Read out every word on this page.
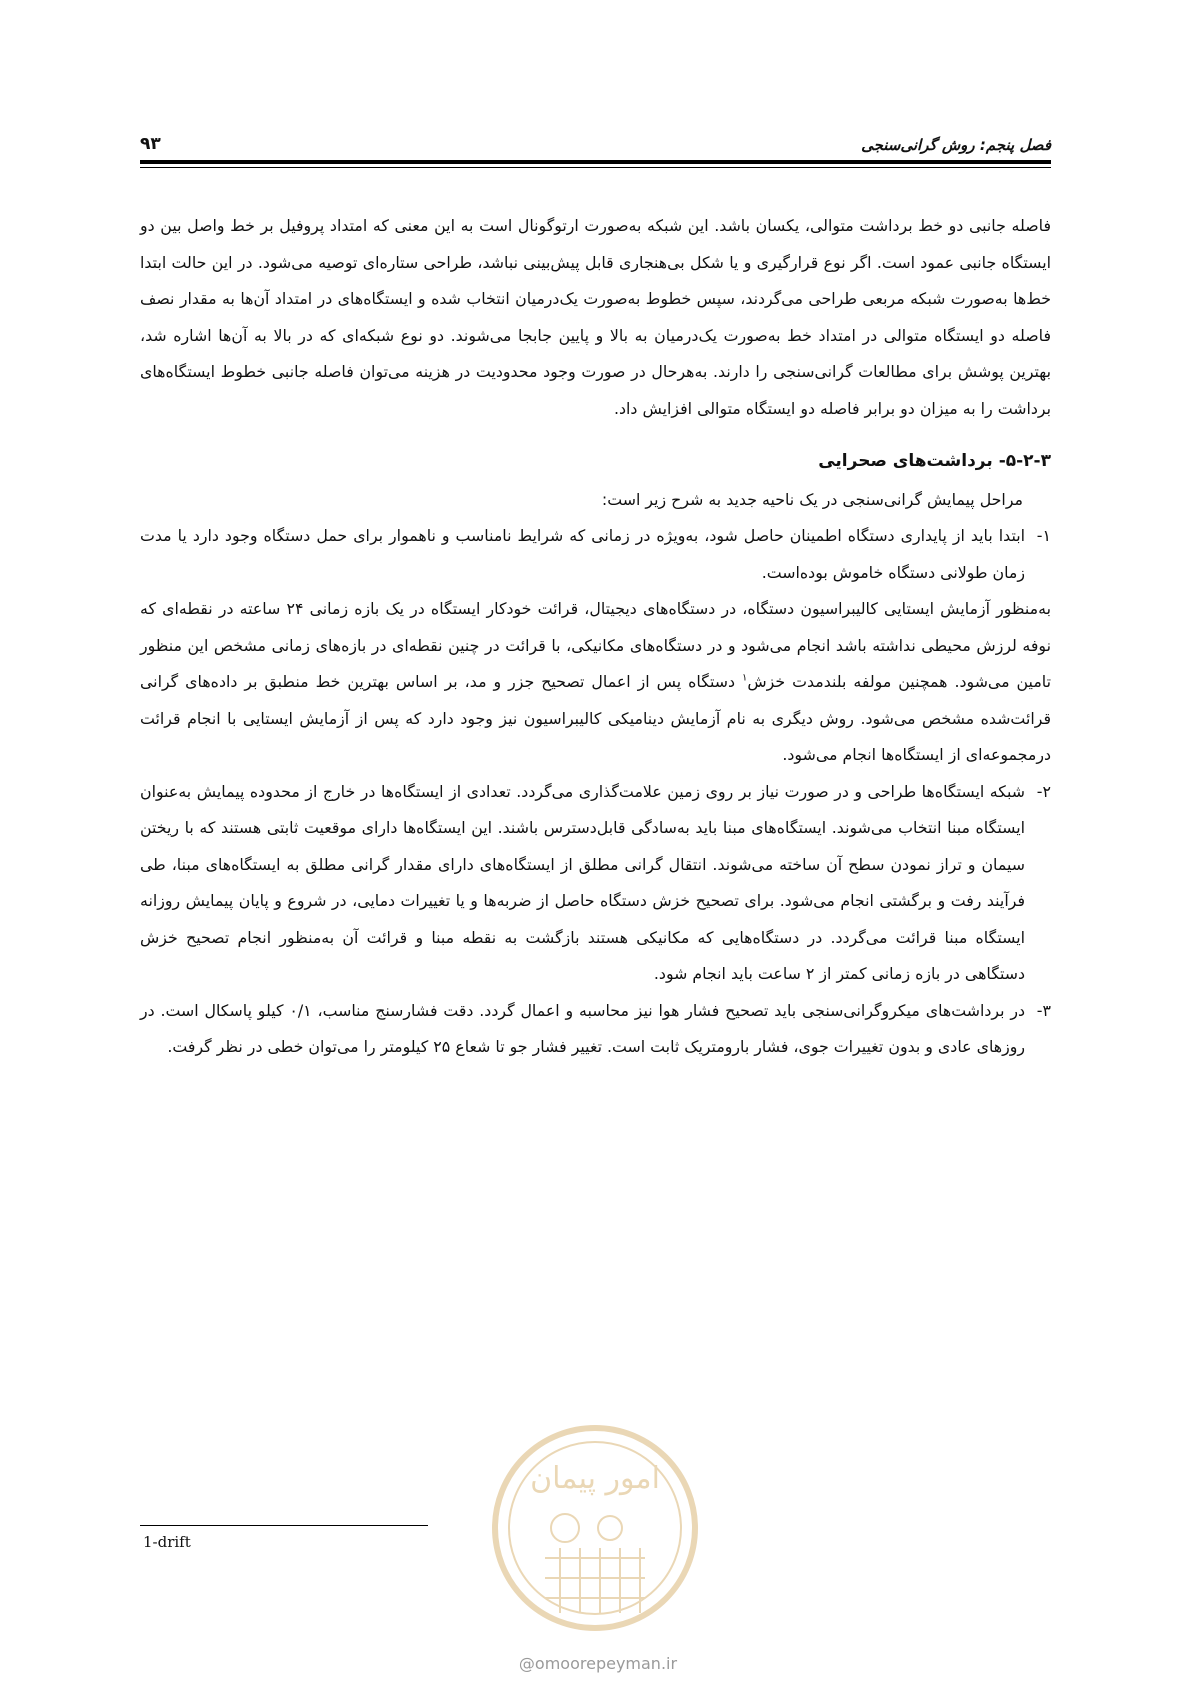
۹۳	فصل پنجم: روش گرانی‌سنجی

فاصله جانبی دو خط برداشت متوالی، یکسان باشد. این شبکه به‌صورت ارتوگونال است به این معنی که امتداد پروفیل بر خط واصل بین دو ایستگاه جانبی عمود است. اگر نوع قرارگیری و یا شکل بی‌هنجاری قابل پیش‌بینی نباشد، طراحی ستاره‌ای توصیه می‌شود. در این حالت ابتدا خط‌ها به‌صورت شبکه مربعی طراحی می‌گردند، سپس خطوط به‌صورت یک‌درمیان انتخاب شده و ایستگاه‌های در امتداد آن‌ها به مقدار نصف فاصله دو ایستگاه متوالی در امتداد خط به‌صورت یک‌درمیان به بالا و پایین جابجا می‌شوند. دو نوع شبکه‌ای که در بالا به آن‌ها اشاره شد، بهترین پوشش برای مطالعات گرانی‌سنجی را دارند. به‌هرحال در صورت وجود محدودیت در هزینه می‌توان فاصله جانبی خطوط ایستگاه‌های برداشت را به میزان دو برابر فاصله دو ایستگاه متوالی افزایش داد.

۵-۲-۳- برداشت‌های صحرایی

مراحل پیمایش گرانی‌سنجی در یک ناحیه جدید به شرح زیر است:

۱-
ابتدا باید از پایداری دستگاه اطمینان حاصل شود، به‌ویژه در زمانی که شرایط نامناسب و ناهموار برای حمل دستگاه وجود دارد یا مدت زمان طولانی دستگاه خاموش بوده‌است.

به‌منظور آزمایش ایستایی کالیبراسیون دستگاه، در دستگاه‌های دیجیتال، قرائت خودکار ایستگاه در یک بازه زمانی ۲۴ ساعته در نقطه‌ای که نوفه لرزش محیطی نداشته باشد انجام می‌شود و در دستگاه‌های مکانیکی، با قرائت در چنین نقطه‌ای در بازه‌های زمانی مشخص این منظور تامین می‌شود. همچنین مولفه بلندمدت خزش$^۱$ دستگاه پس از اعمال تصحیح جزر و مد، بر اساس بهترین خط منطبق بر داده‌های گرانی قرائت‌شده مشخص می‌شود. روش دیگری به نام آزمایش دینامیکی کالیبراسیون نیز وجود دارد که پس از آزمایش ایستایی با انجام قرائت درمجموعه‌ای از ایستگاه‌ها انجام می‌شود.

۲-
شبکه ایستگاه‌ها طراحی و در صورت نیاز بر روی زمین علامت‌گذاری می‌گردد. تعدادی از ایستگاه‌ها در خارج از محدوده پیمایش به‌عنوان ایستگاه مبنا انتخاب می‌شوند. ایستگاه‌های مبنا باید به‌سادگی قابل‌دسترس باشند. این ایستگاه‌ها دارای موقعیت ثابتی هستند که با ریختن سیمان و تراز نمودن سطح آن ساخته می‌شوند. انتقال گرانی مطلق از ایستگاه‌های دارای مقدار گرانی مطلق به ایستگاه‌های مبنا، طی فرآیند رفت و برگشتی انجام می‌شود. برای تصحیح خزش دستگاه حاصل از ضربه‌ها و یا تغییرات دمایی، در شروع و پایان پیمایش روزانه ایستگاه مبنا قرائت می‌گردد. در دستگاه‌هایی که مکانیکی هستند بازگشت به نقطه مبنا و قرائت آن به‌منظور انجام تصحیح خزش دستگاهی در بازه زمانی کمتر از ۲ ساعت باید انجام شود.
۳-
در برداشت‌های میکروگرانی‌سنجی باید تصحیح فشار هوا نیز محاسبه و اعمال گردد. دقت فشارسنج مناسب، ۰/۱ کیلو پاسکال است. در روزهای عادی و بدون تغییرات جوی، فشار بارومتریک ثابت است. تغییر فشار جو تا شعاع ۲۵ کیلومتر را می‌توان خطی در نظر گرفت.
1-drift
امور پیمان
@omoorepeyman.ir
